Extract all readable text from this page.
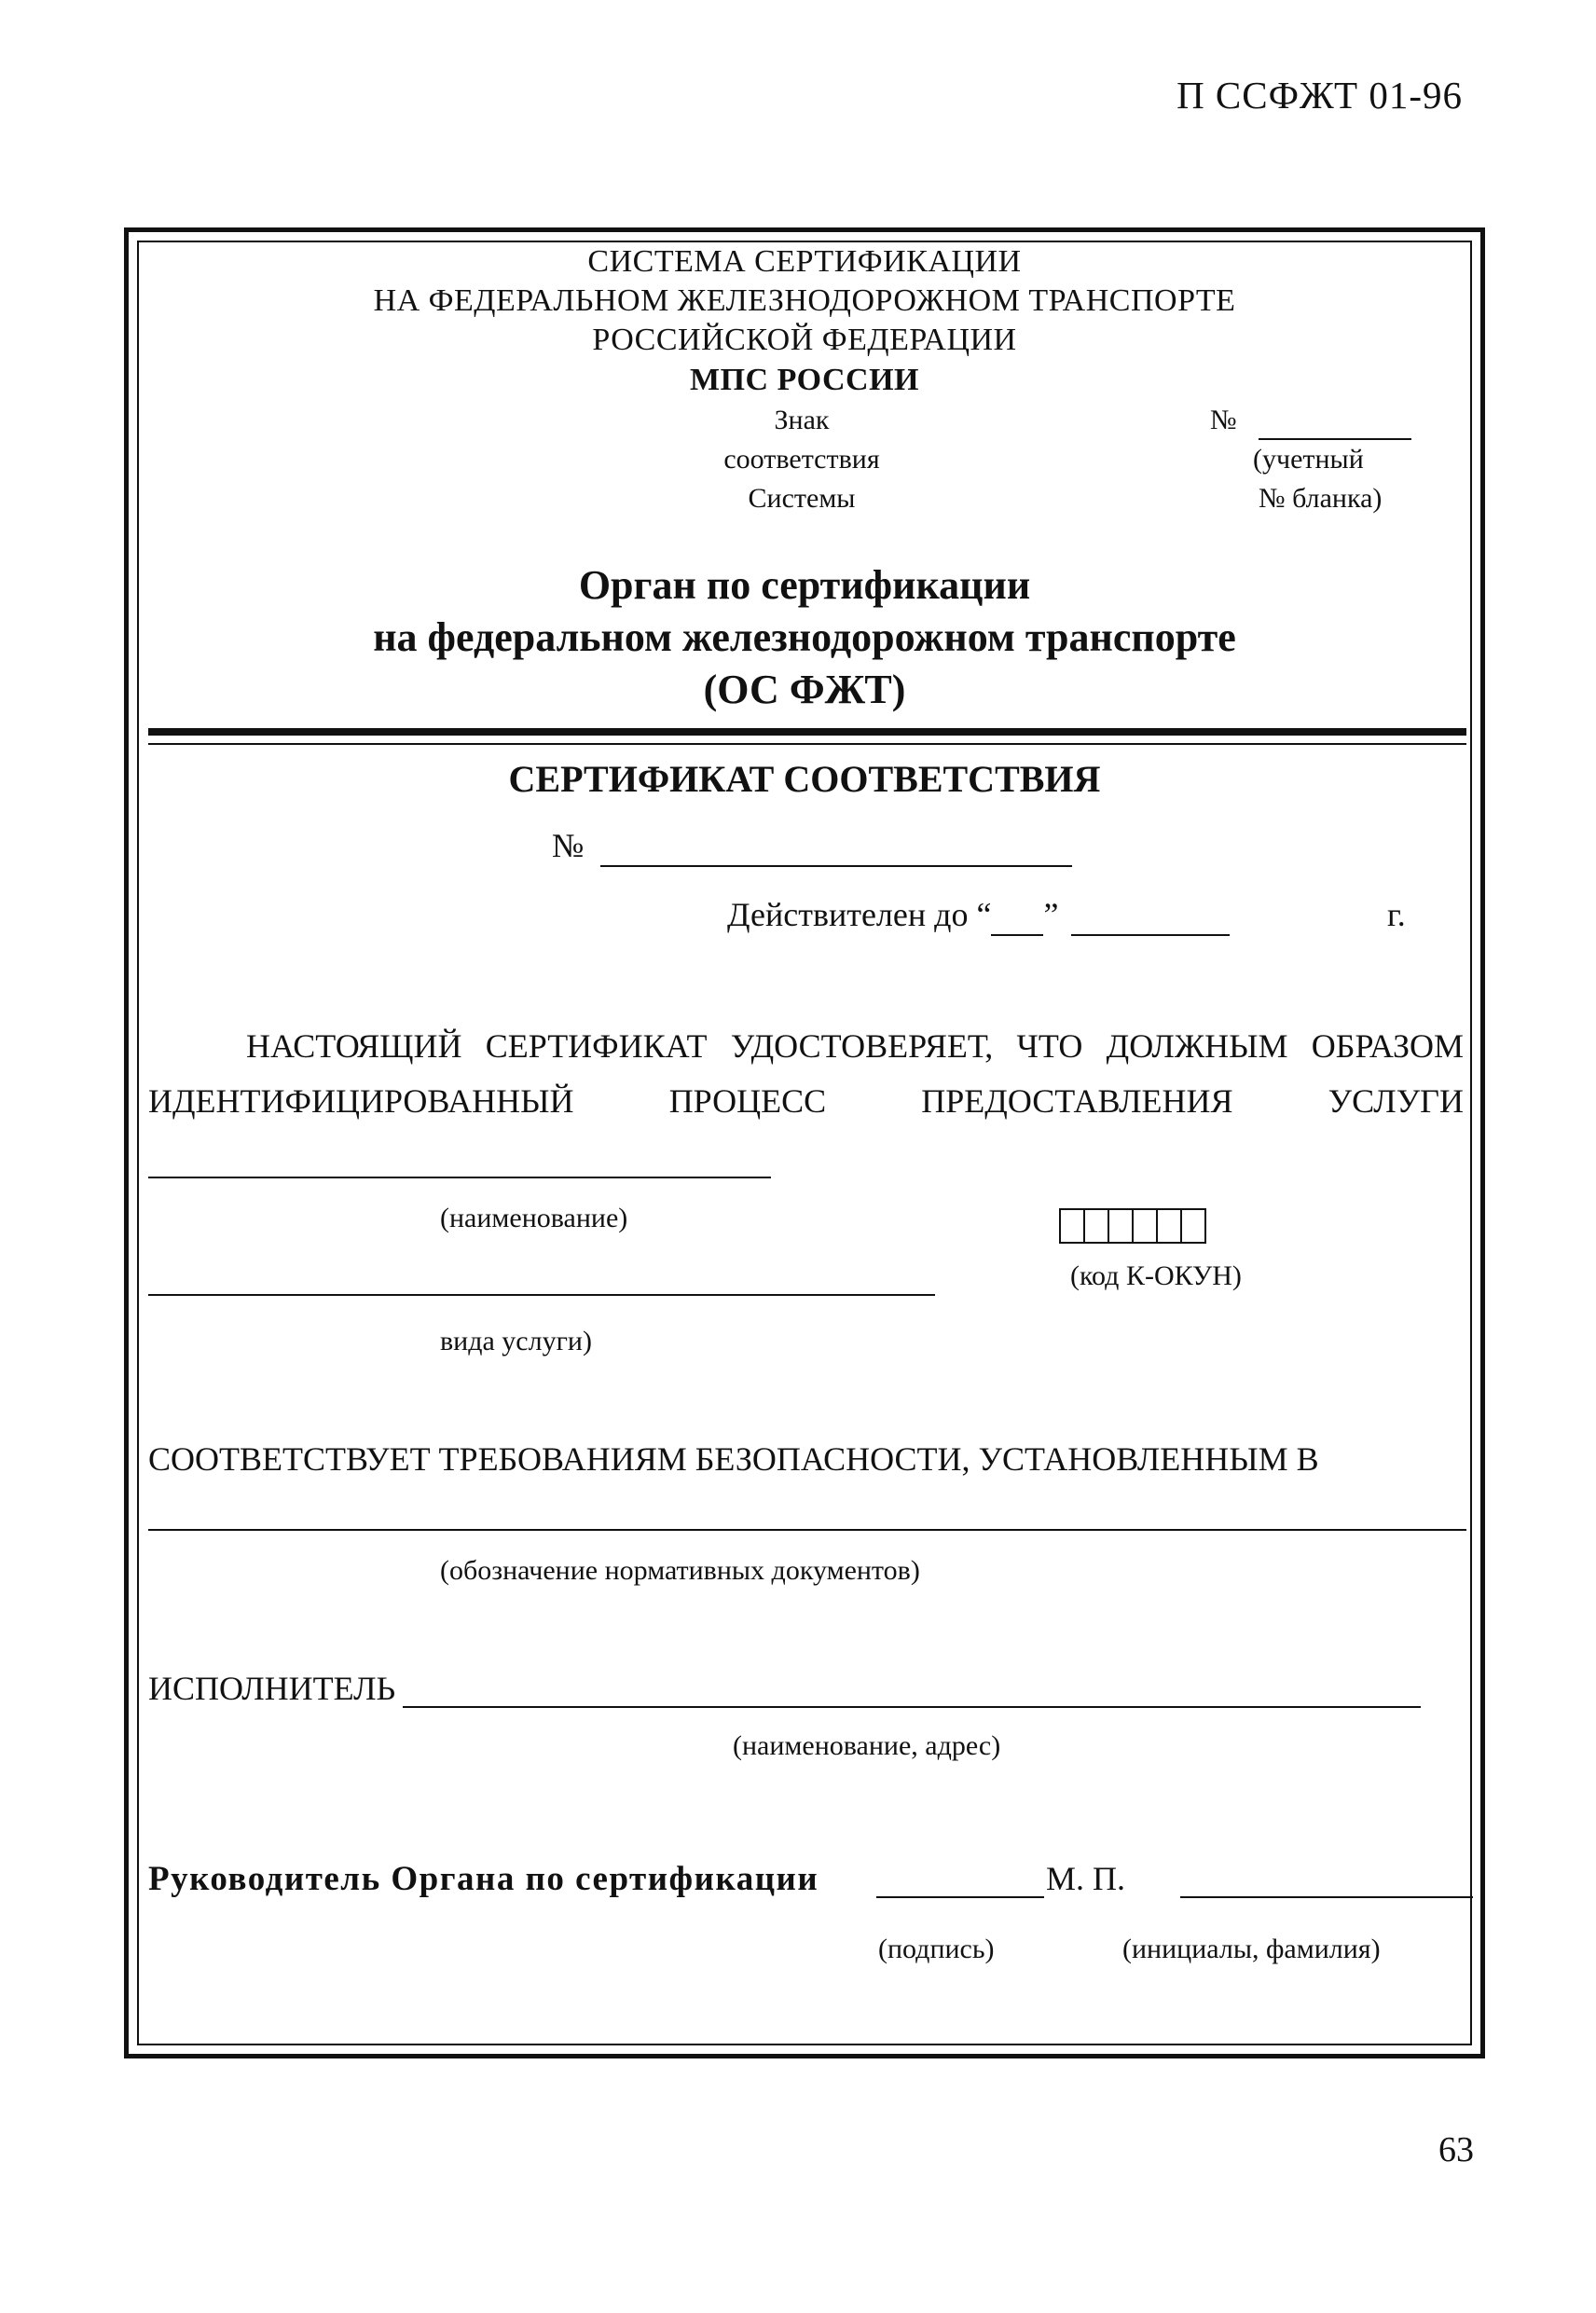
П ССФЖТ 01-96
СИСТЕМА СЕРТИФИКАЦИИ
НА ФЕДЕРАЛЬНОМ ЖЕЛЕЗНОДОРОЖНОМ ТРАНСПОРТЕ
РОССИЙСКОЙ ФЕДЕРАЦИИ
МПС РОССИИ
Знак
соответствия
Системы
№
(учетный
№ бланка)
Орган по сертификации
на федеральном железнодорожном транспорте
(ОС ФЖТ)
СЕРТИФИКАТ СООТВЕТСТВИЯ
№
Действителен до “ ”	г.
НАСТОЯЩИЙ СЕРТИФИКАТ УДОСТОВЕРЯЕТ, ЧТО ДОЛЖНЫМ ОБРАЗОМ
ИДЕНТИФИЦИРОВАННЫЙ	ПРОЦЕСС	ПРЕДОСТАВЛЕНИЯ	УСЛУГИ
(наименование)
(код К-ОКУН)
вида услуги)
СООТВЕТСТВУЕТ ТРЕБОВАНИЯМ БЕЗОПАСНОСТИ, УСТАНОВЛЕННЫМ В
(обозначение нормативных документов)
ИСПОЛНИТЕЛЬ
(наименование, адрес)
Руководитель Органа по сертификации	М. П.
(подпись)	(инициалы, фамилия)
63
